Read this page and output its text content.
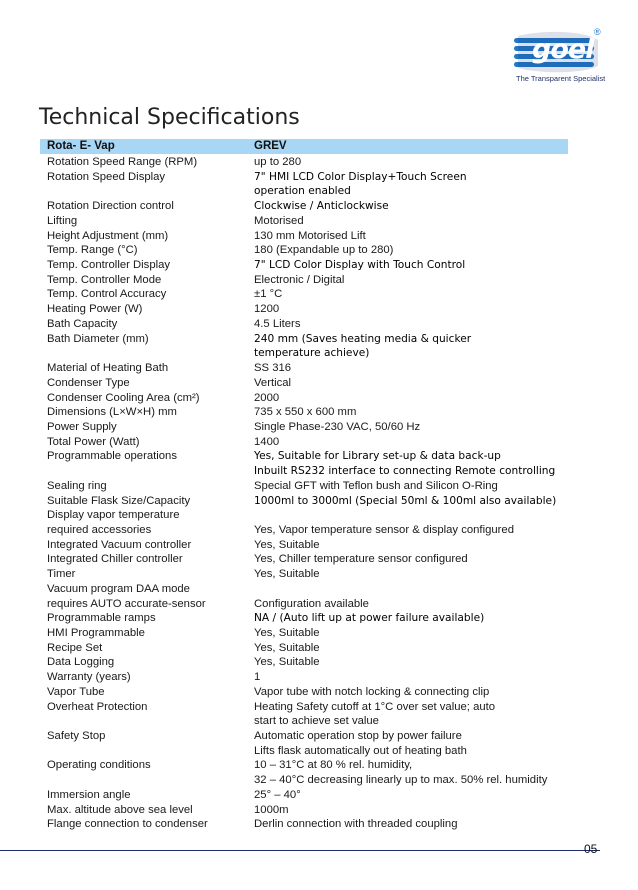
goel
®
The Transparent Specialist
Technical Specifications
Rota- E- Vap	GREV
Rotation Speed Range (RPM)	up to 280
Rotation Speed Display	7" HMI LCD Color Display+Touch Screen
operation enabled
Rotation Direction control	Clockwise / Anticlockwise
Lifting	Motorised
Height Adjustment (mm)	130 mm Motorised Lift
Temp. Range (°C)	180 (Expandable up to 280)
Temp. Controller Display	7" LCD Color Display with Touch Control
Temp. Controller Mode	Electronic / Digital
Temp. Control Accuracy	±1 °C
Heating Power (W)	1200
Bath Capacity	4.5 Liters
Bath Diameter (mm)	240 mm (Saves heating media & quicker
temperature achieve)
Material of Heating Bath	SS 316
Condenser Type	Vertical
Condenser Cooling Area (cm²)	2000
Dimensions (L×W×H) mm	735 x 550 x 600 mm
Power Supply	Single Phase-230 VAC, 50/60 Hz
Total Power (Watt)	1400
Programmable operations	Yes, Suitable for Library set-up & data back-up
Inbuilt RS232 interface to connecting Remote controlling
Sealing ring	Special GFT with Teflon bush and Silicon O-Ring
Suitable Flask Size/Capacity	1000ml to 3000ml (Special 50ml & 100ml also available)
Display vapor temperature
required accessories	Yes, Vapor temperature sensor & display configured
Integrated Vacuum controller	Yes, Suitable
Integrated Chiller controller	Yes, Chiller temperature sensor configured
Timer	Yes, Suitable
Vacuum program DAA mode
requires AUTO accurate-sensor	Configuration available
Programmable ramps	NA / (Auto lift up at power failure available)
HMI Programmable	Yes, Suitable
Recipe Set	Yes, Suitable
Data Logging	Yes, Suitable
Warranty (years)	1
Vapor Tube	Vapor tube with notch locking & connecting clip
Overheat Protection	Heating Safety cutoff at 1°C over set value; auto
start to achieve set value
Safety Stop	Automatic operation stop by power failure
Lifts flask automatically out of heating bath
Operating conditions	10 – 31°C at 80 % rel. humidity,
32 – 40°C decreasing linearly up to max. 50% rel. humidity
Immersion angle	25° – 40°
Max. altitude above sea level	1000m
Flange connection to condenser	Derlin connection with threaded coupling
05
